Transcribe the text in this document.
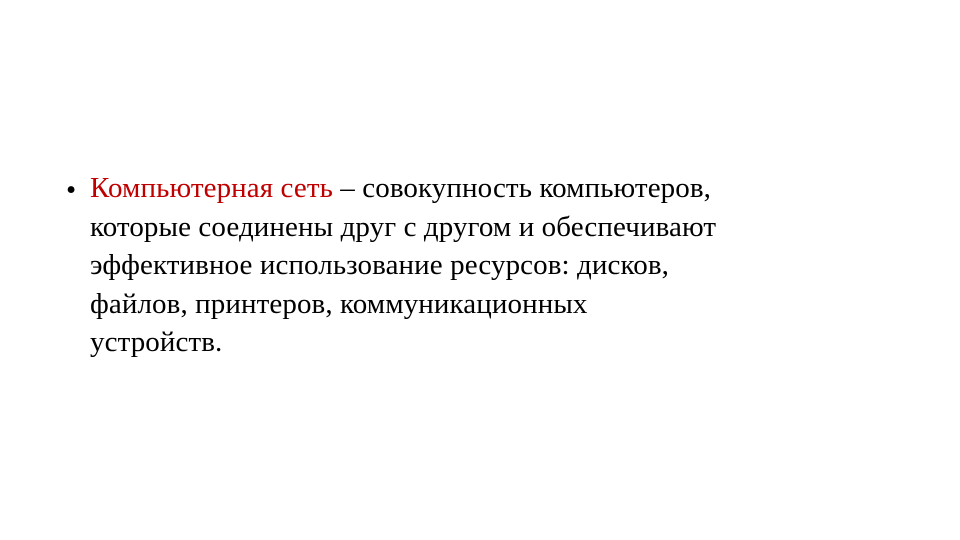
• Компьютерная сеть – совокупность компьютеров, которые соединены друг с другом и обеспечивают эффективное использование ресурсов: дисков, файлов, принтеров, коммуникационных устройств.
